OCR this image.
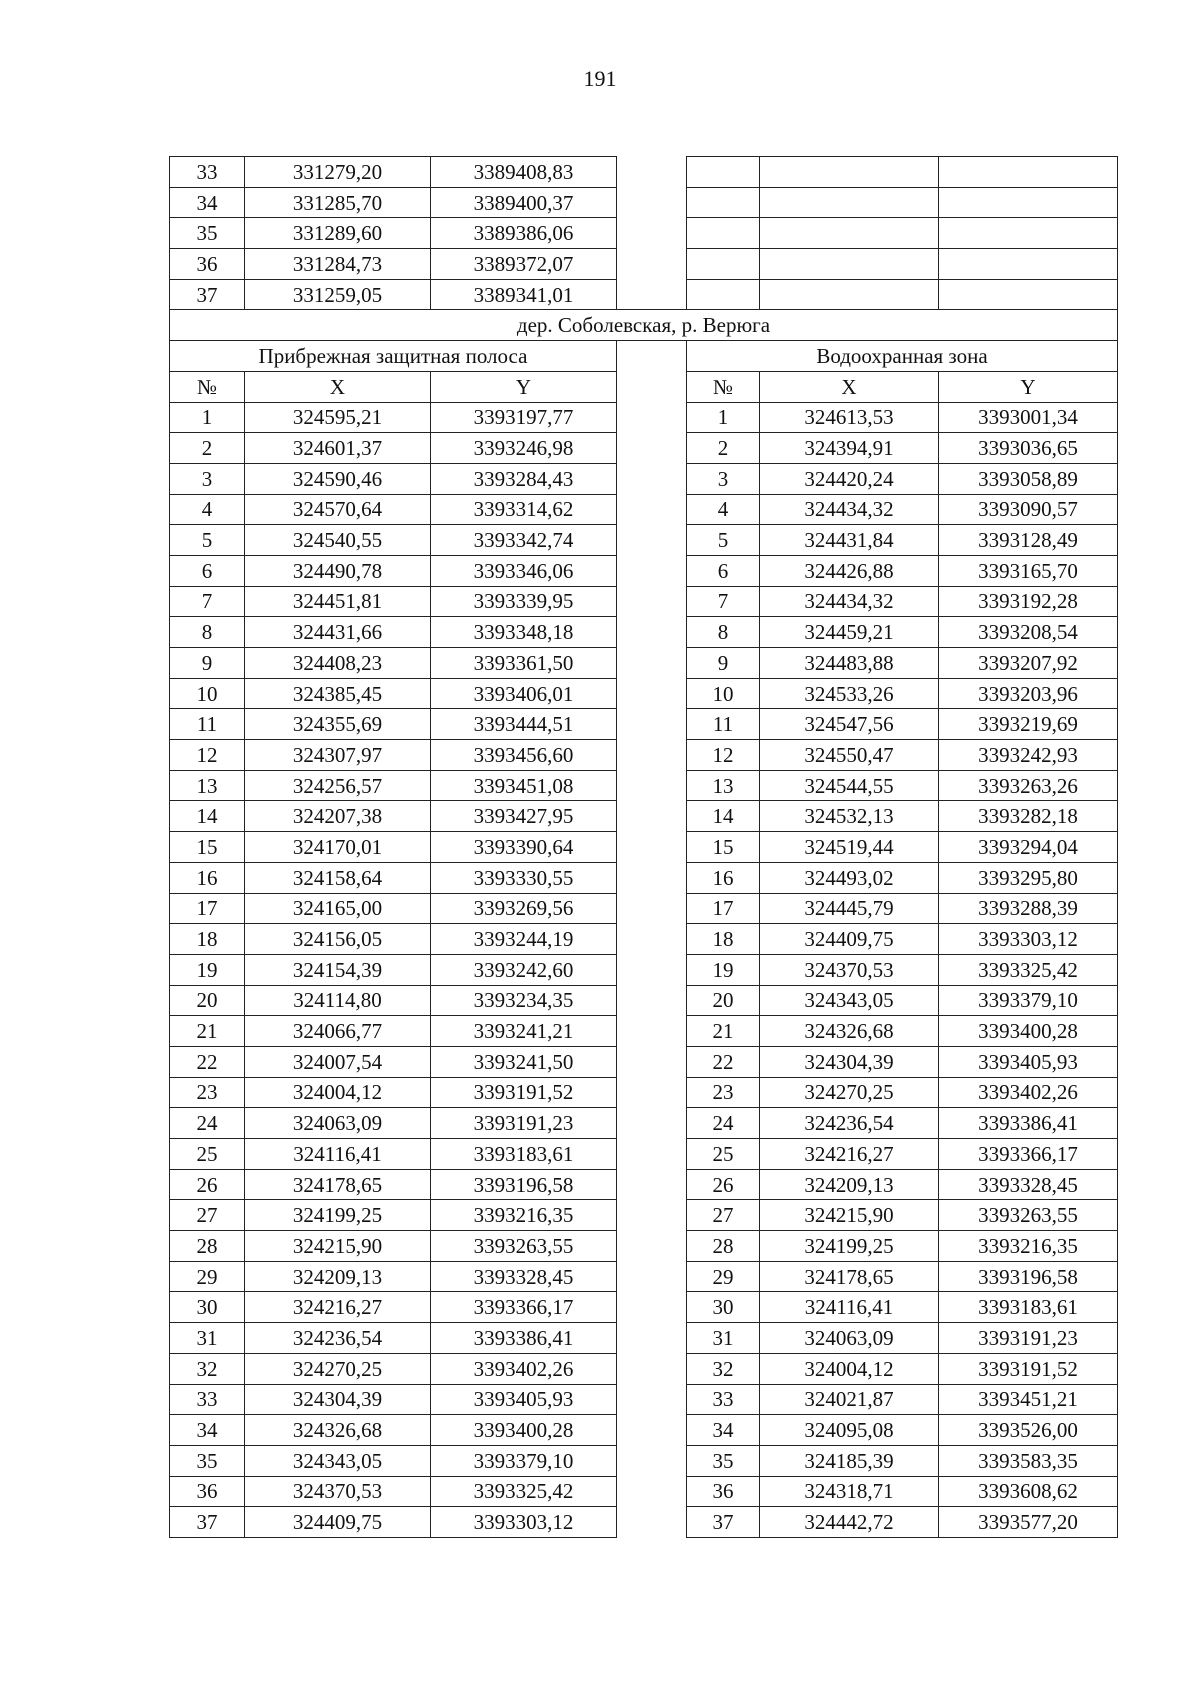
191
33	331279,20	3389408,83				
34	331285,70	3389400,37				
35	331289,60	3389386,06				
36	331284,73	3389372,07				
37	331259,05	3389341,01				
дер. Соболевская, р. Верюга						
Прибрежная защитная полоса				Водоохранная зона		
№	X	Y		№	X	Y
1	324595,21	3393197,77		1	324613,53	3393001,34
2	324601,37	3393246,98		2	324394,91	3393036,65
3	324590,46	3393284,43		3	324420,24	3393058,89
4	324570,64	3393314,62		4	324434,32	3393090,57
5	324540,55	3393342,74		5	324431,84	3393128,49
6	324490,78	3393346,06		6	324426,88	3393165,70
7	324451,81	3393339,95		7	324434,32	3393192,28
8	324431,66	3393348,18		8	324459,21	3393208,54
9	324408,23	3393361,50		9	324483,88	3393207,92
10	324385,45	3393406,01		10	324533,26	3393203,96
11	324355,69	3393444,51		11	324547,56	3393219,69
12	324307,97	3393456,60		12	324550,47	3393242,93
13	324256,57	3393451,08		13	324544,55	3393263,26
14	324207,38	3393427,95		14	324532,13	3393282,18
15	324170,01	3393390,64		15	324519,44	3393294,04
16	324158,64	3393330,55		16	324493,02	3393295,80
17	324165,00	3393269,56		17	324445,79	3393288,39
18	324156,05	3393244,19		18	324409,75	3393303,12
19	324154,39	3393242,60		19	324370,53	3393325,42
20	324114,80	3393234,35		20	324343,05	3393379,10
21	324066,77	3393241,21		21	324326,68	3393400,28
22	324007,54	3393241,50		22	324304,39	3393405,93
23	324004,12	3393191,52		23	324270,25	3393402,26
24	324063,09	3393191,23		24	324236,54	3393386,41
25	324116,41	3393183,61		25	324216,27	3393366,17
26	324178,65	3393196,58		26	324209,13	3393328,45
27	324199,25	3393216,35		27	324215,90	3393263,55
28	324215,90	3393263,55		28	324199,25	3393216,35
29	324209,13	3393328,45		29	324178,65	3393196,58
30	324216,27	3393366,17		30	324116,41	3393183,61
31	324236,54	3393386,41		31	324063,09	3393191,23
32	324270,25	3393402,26		32	324004,12	3393191,52
33	324304,39	3393405,93		33	324021,87	3393451,21
34	324326,68	3393400,28		34	324095,08	3393526,00
35	324343,05	3393379,10		35	324185,39	3393583,35
36	324370,53	3393325,42		36	324318,71	3393608,62
37	324409,75	3393303,12		37	324442,72	3393577,20
